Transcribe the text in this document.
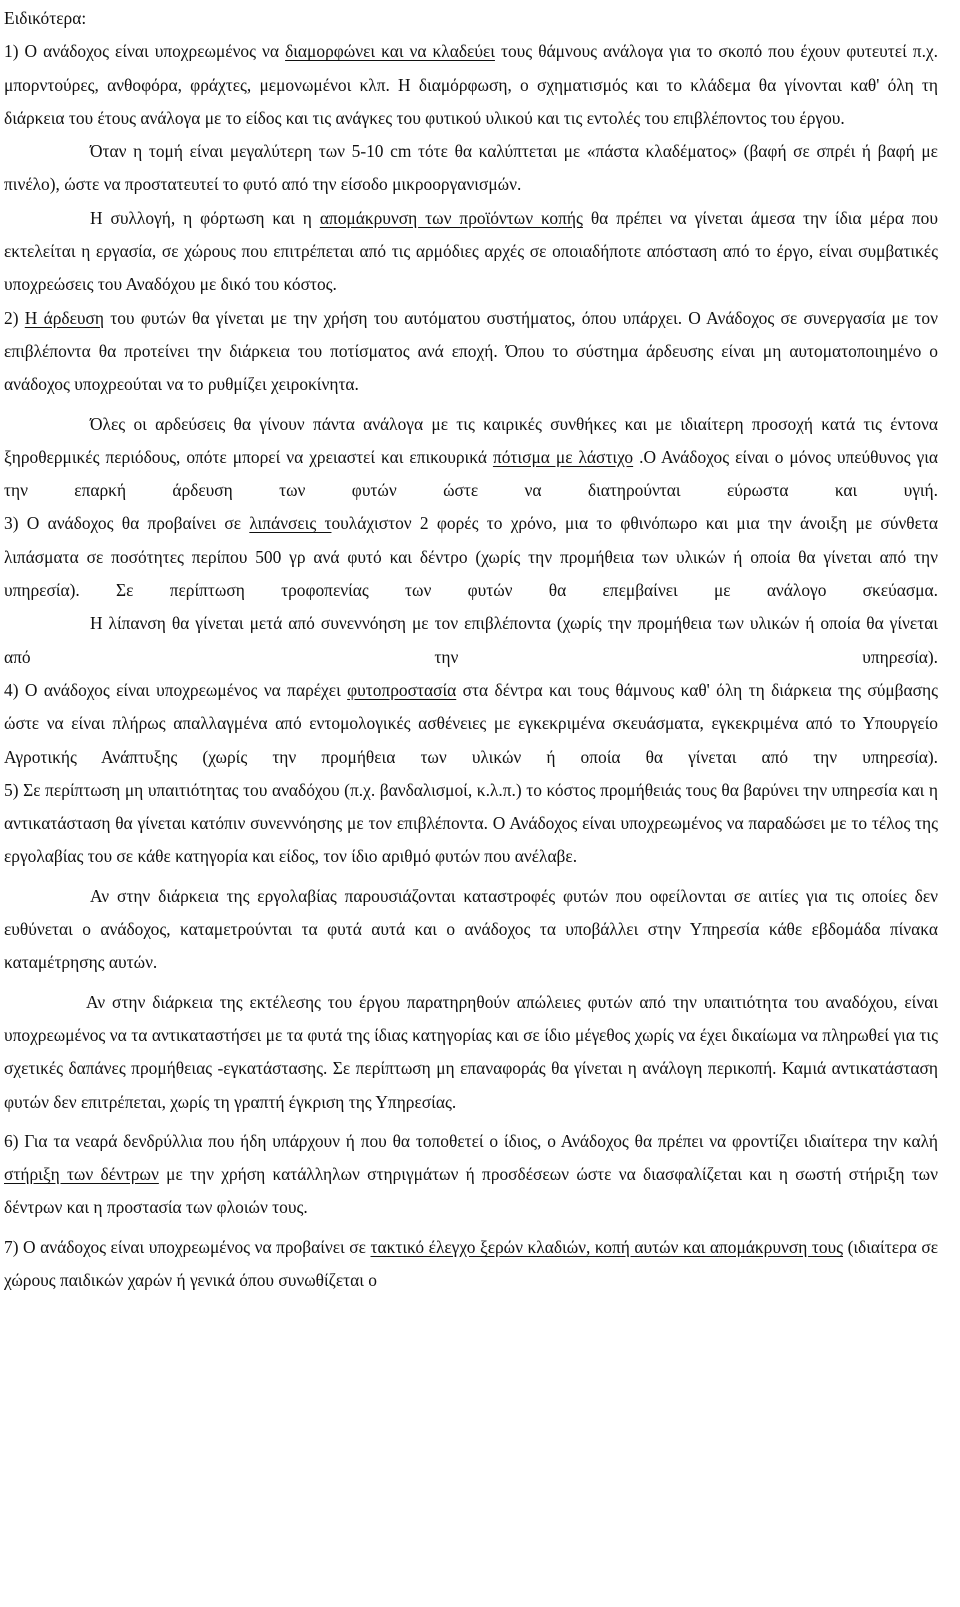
Ειδικότερα:

1) Ο ανάδοχος είναι υποχρεωμένος να διαμορφώνει και να κλαδεύει τους θάμνους ανάλογα για το σκοπό που έχουν φυτευτεί π.χ. μπορντούρες, ανθοφόρα, φράχτες, μεμονωμένοι κλπ. Η διαμόρφωση, ο σχηματισμός και το κλάδεμα θα γίνονται καθ' όλη τη διάρκεια του έτους ανάλογα με το είδος και τις ανάγκες του φυτικού υλικού και τις εντολές του επιβλέποντος του έργου.

Όταν η τομή είναι μεγαλύτερη των 5-10 cm τότε θα καλύπτεται με «πάστα κλαδέματος» (βαφή σε σπρέι ή βαφή με πινέλο), ώστε να προστατευτεί το φυτό από την είσοδο μικροοργανισμών.

Η συλλογή, η φόρτωση και η απομάκρυνση των προϊόντων κοπής θα πρέπει να γίνεται άμεσα την ίδια μέρα που εκτελείται η εργασία, σε χώρους που επιτρέπεται από τις αρμόδιες αρχές σε οποιαδήποτε απόσταση από το έργο, είναι συμβατικές υποχρεώσεις του Αναδόχου με δικό του κόστος.

2) Η άρδευση του φυτών θα γίνεται με την χρήση του αυτόματου συστήματος, όπου υπάρχει. Ο Ανάδοχος σε συνεργασία με τον επιβλέποντα θα προτείνει την διάρκεια του ποτίσματος ανά εποχή. Όπου το σύστημα άρδευσης είναι μη αυτοματοποιημένο ο ανάδοχος υποχρεούται να το ρυθμίζει χειροκίνητα.

Όλες οι αρδεύσεις θα γίνουν πάντα ανάλογα με τις καιρικές συνθήκες και με ιδιαίτερη προσοχή κατά τις έντονα ξηροθερμικές περιόδους, οπότε μπορεί να χρειαστεί και επικουρικά πότισμα με λάστιχο .Ο Ανάδοχος είναι ο μόνος υπεύθυνος για την επαρκή άρδευση των φυτών ώστε να διατηρούνται εύρωστα και υγιή.

3) Ο ανάδοχος θα προβαίνει σε λιπάνσεις τουλάχιστον 2 φορές το χρόνο, μια το φθινόπωρο και μια την άνοιξη με σύνθετα λιπάσματα σε ποσότητες περίπου 500 γρ ανά φυτό και δέντρο (χωρίς την προμήθεια των υλικών ή οποία θα γίνεται από την υπηρεσία). Σε περίπτωση τροφοπενίας των φυτών θα επεμβαίνει με ανάλογο σκεύασμα.

Η λίπανση θα γίνεται μετά από συνεννόηση με τον επιβλέποντα (χωρίς την προμήθεια των υλικών ή οποία θα γίνεται από την υπηρεσία).

4) Ο ανάδοχος είναι υποχρεωμένος να παρέχει φυτοπροστασία στα δέντρα και τους θάμνους καθ' όλη τη διάρκεια της σύμβασης ώστε να είναι πλήρως απαλλαγμένα από εντομολογικές ασθένειες με εγκεκριμένα σκευάσματα, εγκεκριμένα από το Υπουργείο Αγροτικής Ανάπτυξης (χωρίς την προμήθεια των υλικών ή οποία θα γίνεται από την υπηρεσία).

5) Σε περίπτωση μη υπαιτιότητας του αναδόχου (π.χ. βανδαλισμοί, κ.λ.π.) το κόστος προμήθειάς τους θα βαρύνει την υπηρεσία και η αντικατάσταση θα γίνεται κατόπιν συνεννόησης με τον επιβλέποντα. Ο Ανάδοχος είναι υποχρεωμένος να παραδώσει με το τέλος της εργολαβίας του σε κάθε κατηγορία και είδος, τον ίδιο αριθμό φυτών που ανέλαβε.

Αν στην διάρκεια της εργολαβίας παρουσιάζονται καταστροφές φυτών που οφείλονται σε αιτίες για τις οποίες δεν ευθύνεται ο ανάδοχος, καταμετρούνται τα φυτά αυτά και ο ανάδοχος τα υποβάλλει στην Υπηρεσία κάθε εβδομάδα πίνακα καταμέτρησης αυτών.

Αν στην διάρκεια της εκτέλεσης του έργου παρατηρηθούν απώλειες φυτών από την υπαιτιότητα του αναδόχου, είναι υποχρεωμένος να τα αντικαταστήσει με τα φυτά της ίδιας κατηγορίας και σε ίδιο μέγεθος χωρίς να έχει δικαίωμα να πληρωθεί για τις σχετικές δαπάνες προμήθειας -εγκατάστασης. Σε περίπτωση μη επαναφοράς θα γίνεται η ανάλογη περικοπή. Καμιά αντικατάσταση φυτών δεν επιτρέπεται, χωρίς τη γραπτή έγκριση της Υπηρεσίας.

6) Για τα νεαρά δενδρύλλια που ήδη υπάρχουν ή που θα τοποθετεί ο ίδιος, ο Ανάδοχος θα πρέπει να φροντίζει ιδιαίτερα την καλή στήριξη των δέντρων με την χρήση κατάλληλων στηριγμάτων ή προσδέσεων ώστε να διασφαλίζεται και η σωστή στήριξη των δέντρων και η προστασία των φλοιών τους.

7) Ο ανάδοχος είναι υποχρεωμένος να προβαίνει σε τακτικό έλεγχο ξερών κλαδιών, κοπή αυτών και απομάκρυνση τους (ιδιαίτερα σε χώρους παιδικών χαρών ή γενικά όπου συνωθίζεται ο
